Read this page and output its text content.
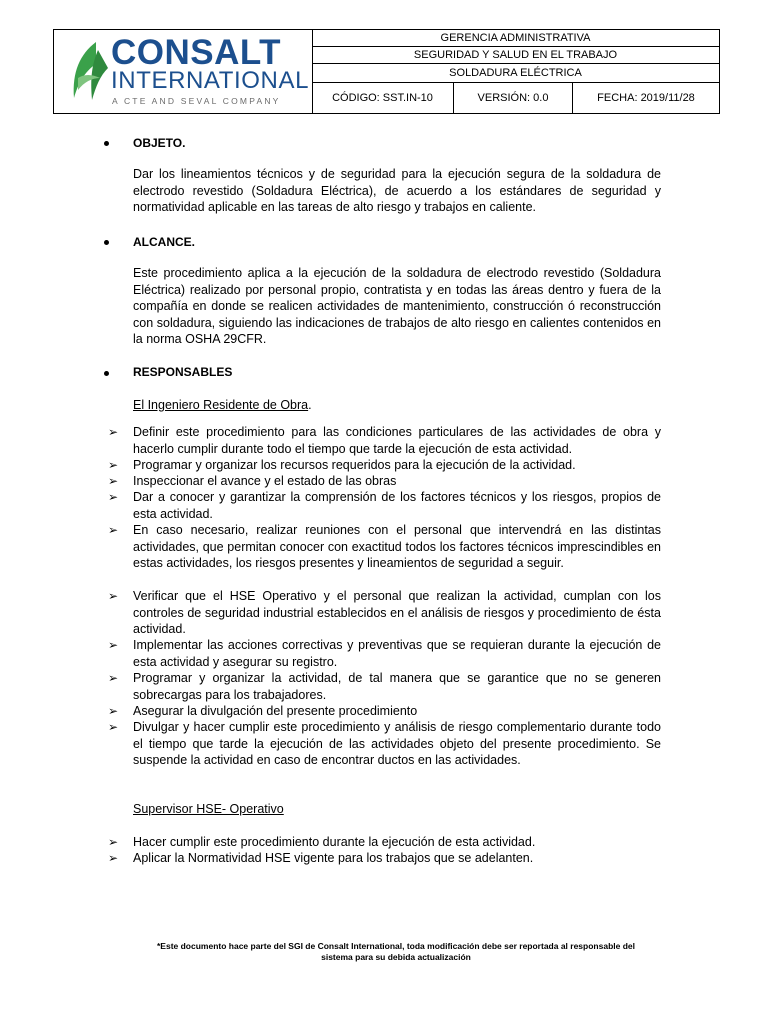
CONSALT
INTERNATIONAL
A CTE AND SEVAL COMPANY
GERENCIA ADMINISTRATIVA
SEGURIDAD Y SALUD EN EL TRABAJO
SOLDADURA ELÉCTRICA
CÓDIGO: SST.IN-10	VERSIÓN: 0.0	FECHA: 2019/11/28
OBJETO.
Dar los lineamientos técnicos y de seguridad para la ejecución segura de la soldadura de electrodo revestido (Soldadura Eléctrica), de acuerdo a los estándares de seguridad y normatividad aplicable en las tareas de alto riesgo y trabajos en caliente.
ALCANCE.
Este procedimiento aplica a la ejecución de la soldadura de electrodo revestido (Soldadura Eléctrica) realizado por personal propio, contratista y en todas las áreas dentro y fuera de la compañía en donde se realicen actividades de mantenimiento, construcción ó reconstrucción con soldadura, siguiendo las indicaciones de trabajos de alto riesgo en calientes contenidos en la norma OSHA 29CFR.
RESPONSABLES
El Ingeniero Residente de Obra.
➢ Definir este procedimiento para las condiciones particulares de las actividades de obra y hacerlo cumplir durante todo el tiempo que tarde la ejecución de esta actividad.
➢ Programar y organizar los recursos requeridos para la ejecución de la actividad.
➢ Inspeccionar el avance y el estado de las obras
➢ Dar a conocer y garantizar la comprensión de los factores técnicos y los riesgos, propios de esta actividad.
➢ En caso necesario, realizar reuniones con el personal que intervendrá en las distintas actividades, que permitan conocer con exactitud todos los factores técnicos imprescindibles en estas actividades, los riesgos presentes y lineamientos de seguridad a seguir.
➢ Verificar que el HSE Operativo y el personal que realizan la actividad, cumplan con los controles de seguridad industrial establecidos en el análisis de riesgos y procedimiento de ésta actividad.
➢ Implementar las acciones correctivas y preventivas que se requieran durante la ejecución de esta actividad y asegurar su registro.
➢ Programar y organizar la actividad, de tal manera que se garantice que no se generen sobrecargas para los trabajadores.
➢ Asegurar la divulgación del presente procedimiento
➢ Divulgar y hacer cumplir este procedimiento y análisis de riesgo complementario durante todo el tiempo que tarde la ejecución de las actividades objeto del presente procedimiento. Se suspende la actividad en caso de encontrar ductos en las actividades.
Supervisor HSE- Operativo
➢ Hacer cumplir este procedimiento durante la ejecución de esta actividad.
➢ Aplicar la Normatividad HSE vigente para los trabajos que se adelanten.
*Este documento hace parte del SGI de Consalt International, toda modificación debe ser reportada al responsable del
sistema para su debida actualización
